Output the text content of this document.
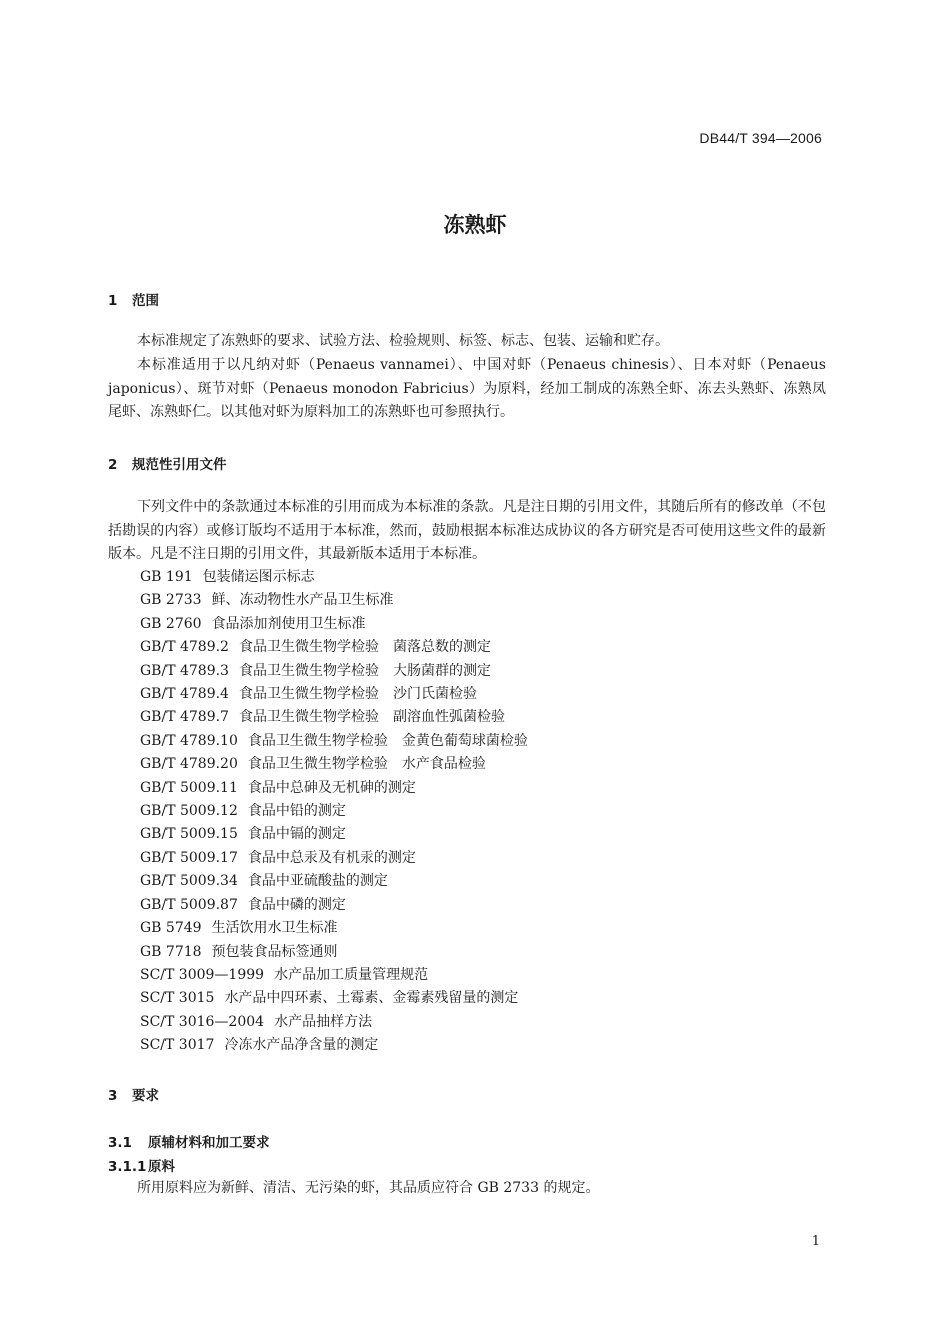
DB44/T 394—2006
冻熟虾
1 范围
本标准规定了冻熟虾的要求、试验方法、检验规则、标签、标志、包装、运输和贮存。
本标准适用于以凡纳对虾（Penaeus vannamei）、中国对虾（Penaeus chinesis）、日本对虾（Penaeus japonicus）、斑节对虾（Penaeus monodon Fabricius）为原料，经加工制成的冻熟全虾、冻去头熟虾、冻熟凤尾虾、冻熟虾仁。以其他对虾为原料加工的冻熟虾也可参照执行。
2 规范性引用文件
下列文件中的条款通过本标准的引用而成为本标准的条款。凡是注日期的引用文件，其随后所有的修改单（不包括勘误的内容）或修订版均不适用于本标准，然而，鼓励根据本标准达成协议的各方研究是否可使用这些文件的最新版本。凡是不注日期的引用文件，其最新版本适用于本标准。
GB 191 包装储运图示标志
GB 2733 鲜、冻动物性水产品卫生标准
GB 2760 食品添加剂使用卫生标准
GB/T 4789.2 食品卫生微生物学检验　菌落总数的测定
GB/T 4789.3 食品卫生微生物学检验　大肠菌群的测定
GB/T 4789.4 食品卫生微生物学检验　沙门氏菌检验
GB/T 4789.7 食品卫生微生物学检验　副溶血性弧菌检验
GB/T 4789.10 食品卫生微生物学检验　金黄色葡萄球菌检验
GB/T 4789.20 食品卫生微生物学检验　水产食品检验
GB/T 5009.11 食品中总砷及无机砷的测定
GB/T 5009.12 食品中铅的测定
GB/T 5009.15 食品中镉的测定
GB/T 5009.17 食品中总汞及有机汞的测定
GB/T 5009.34 食品中亚硫酸盐的测定
GB/T 5009.87 食品中磷的测定
GB 5749 生活饮用水卫生标准
GB 7718 预包装食品标签通则
SC/T 3009—1999 水产品加工质量管理规范
SC/T 3015 水产品中四环素、土霉素、金霉素残留量的测定
SC/T 3016—2004 水产品抽样方法
SC/T 3017 冷冻水产品净含量的测定
3 要求
3.1 原辅材料和加工要求
3.1.1 原料
所用原料应为新鲜、清洁、无污染的虾，其品质应符合 GB 2733 的规定。
1
